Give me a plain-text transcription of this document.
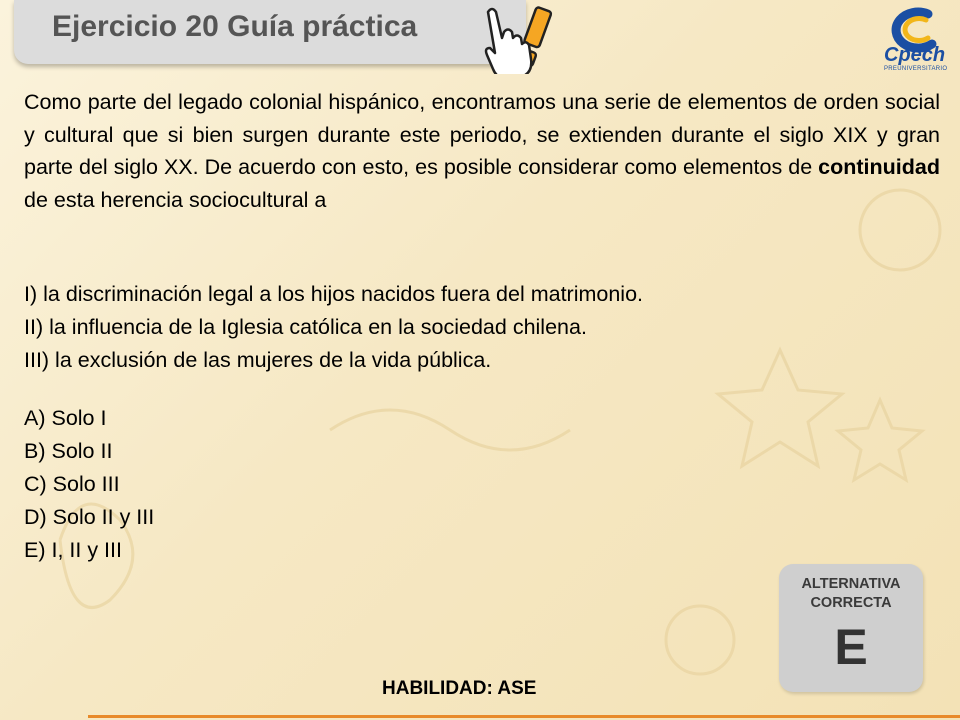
Ejercicio 20 Guía práctica
Cpech
PREUNIVERSITARIO
Como parte del legado colonial hispánico, encontramos una serie de elementos de orden social y cultural que si bien surgen durante este periodo, se extienden durante el siglo XIX y gran parte del siglo XX. De acuerdo con esto, es posible considerar como elementos de continuidad de esta herencia sociocultural a
I) la discriminación legal a los hijos nacidos fuera del matrimonio.
II) la influencia de la Iglesia católica en la sociedad chilena.
III) la exclusión de las mujeres de la vida pública.
A) Solo I
B) Solo II
C) Solo III
D) Solo II y III
E) I, II y III
ALTERNATIVA
CORRECTA
E
HABILIDAD: ASE
